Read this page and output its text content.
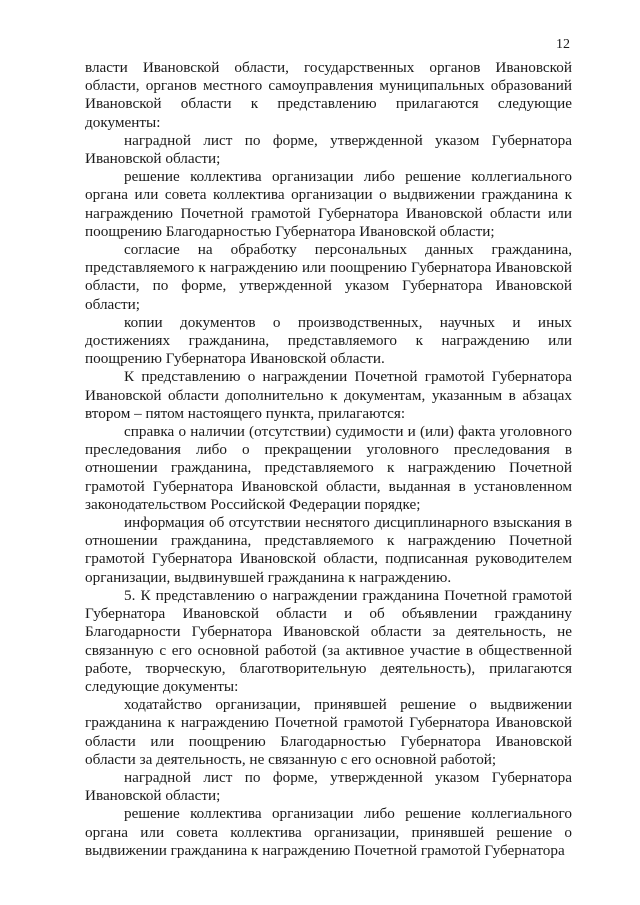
12

власти Ивановской области, государственных органов Ивановской области, органов местного самоуправления муниципальных образований Ивановской области к представлению прилагаются следующие документы:

наградной лист по форме, утвержденной указом Губернатора Ивановской области;

решение коллектива организации либо решение коллегиального органа или совета коллектива организации о выдвижении гражданина к награждению Почетной грамотой Губернатора Ивановской области или поощрению Благодарностью Губернатора Ивановской области;

согласие на обработку персональных данных гражданина, представляемого к награждению или поощрению Губернатора Ивановской области, по форме, утвержденной указом Губернатора Ивановской области;

копии документов о производственных, научных и иных достижениях гражданина, представляемого к награждению или поощрению Губернатора Ивановской области.

К представлению о награждении Почетной грамотой Губернатора Ивановской области дополнительно к документам, указанным в абзацах втором – пятом настоящего пункта, прилагаются:

справка о наличии (отсутствии) судимости и (или) факта уголовного преследования либо о прекращении уголовного преследования в отношении гражданина, представляемого к награждению Почетной грамотой Губернатора Ивановской области, выданная в установленном законодательством Российской Федерации порядке;

информация об отсутствии неснятого дисциплинарного взыскания в отношении гражданина, представляемого к награждению Почетной грамотой Губернатора Ивановской области, подписанная руководителем организации, выдвинувшей гражданина к награждению.

5. К представлению о награждении гражданина Почетной грамотой Губернатора Ивановской области и об объявлении гражданину Благодарности Губернатора Ивановской области за деятельность, не связанную с его основной работой (за активное участие в общественной работе, творческую, благотворительную деятельность), прилагаются следующие документы:

ходатайство организации, принявшей решение о выдвижении гражданина к награждению Почетной грамотой Губернатора Ивановской области или поощрению Благодарностью Губернатора Ивановской области за деятельность, не связанную с его основной работой;

наградной лист по форме, утвержденной указом Губернатора Ивановской области;

решение коллектива организации либо решение коллегиального органа или совета коллектива организации, принявшей решение о выдвижении гражданина к награждению Почетной грамотой Губернатора
